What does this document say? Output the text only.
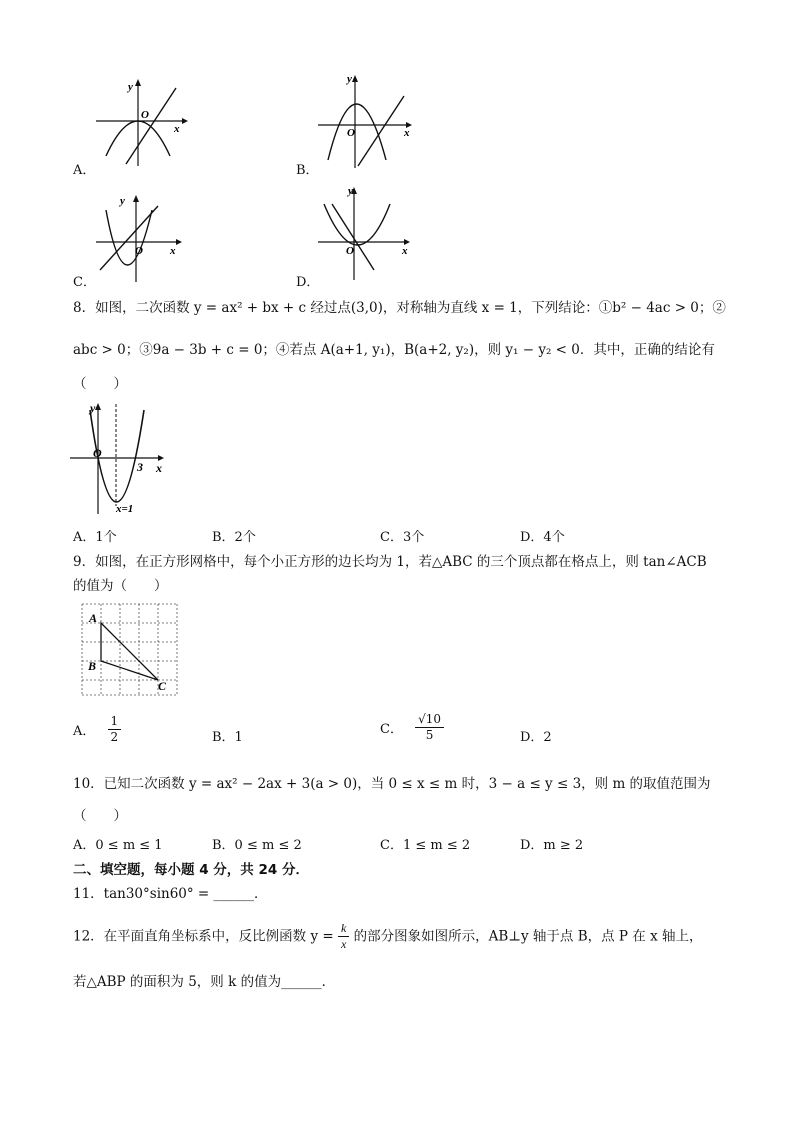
y
O
x
A．
y
O	x
B．
y
O x
C．
y
O	x
D．
8．如图，二次函数 y = ax² + bx + c 经过点(3,0)，对称轴为直线 x = 1，下列结论：①b² − 4ac > 0；②
abc > 0；③9a − 3b + c = 0；④若点 A(a+1, y₁)，B(a+2, y₂)，则 y₁ − y₂ < 0．其中，正确的结论有
（　　）
y
O
3 x
x=1
A．1个	B．2个	C．3个	D．4个
9．如图，在正方形网格中，每个小正方形的边长均为 1，若△ABC 的三个顶点都在格点上，则 tan∠ACB
的值为（　　）
A
B
C
A． $\frac{1}{2}$	B．1
C． $\frac{√10}{5}$	D．2
10．已知二次函数 y = ax² − 2ax + 3(a > 0)，当 0 ≤ x ≤ m 时，3 − a ≤ y ≤ 3，则 m 的取值范围为
（　　）
A．0 ≤ m ≤ 1	B．0 ≤ m ≤ 2	C．1 ≤ m ≤ 2	D．m ≥ 2
二、填空题，每小题 4 分，共 24 分．
11．tan30°sin60° = ______．
12．在平面直角坐标系中，反比例函数 $y = \frac{k}{x}$ 的部分图象如图所示，AB⊥y 轴于点 B，点 P 在 x 轴上，
若△ABP 的面积为 5，则 k 的值为______．
